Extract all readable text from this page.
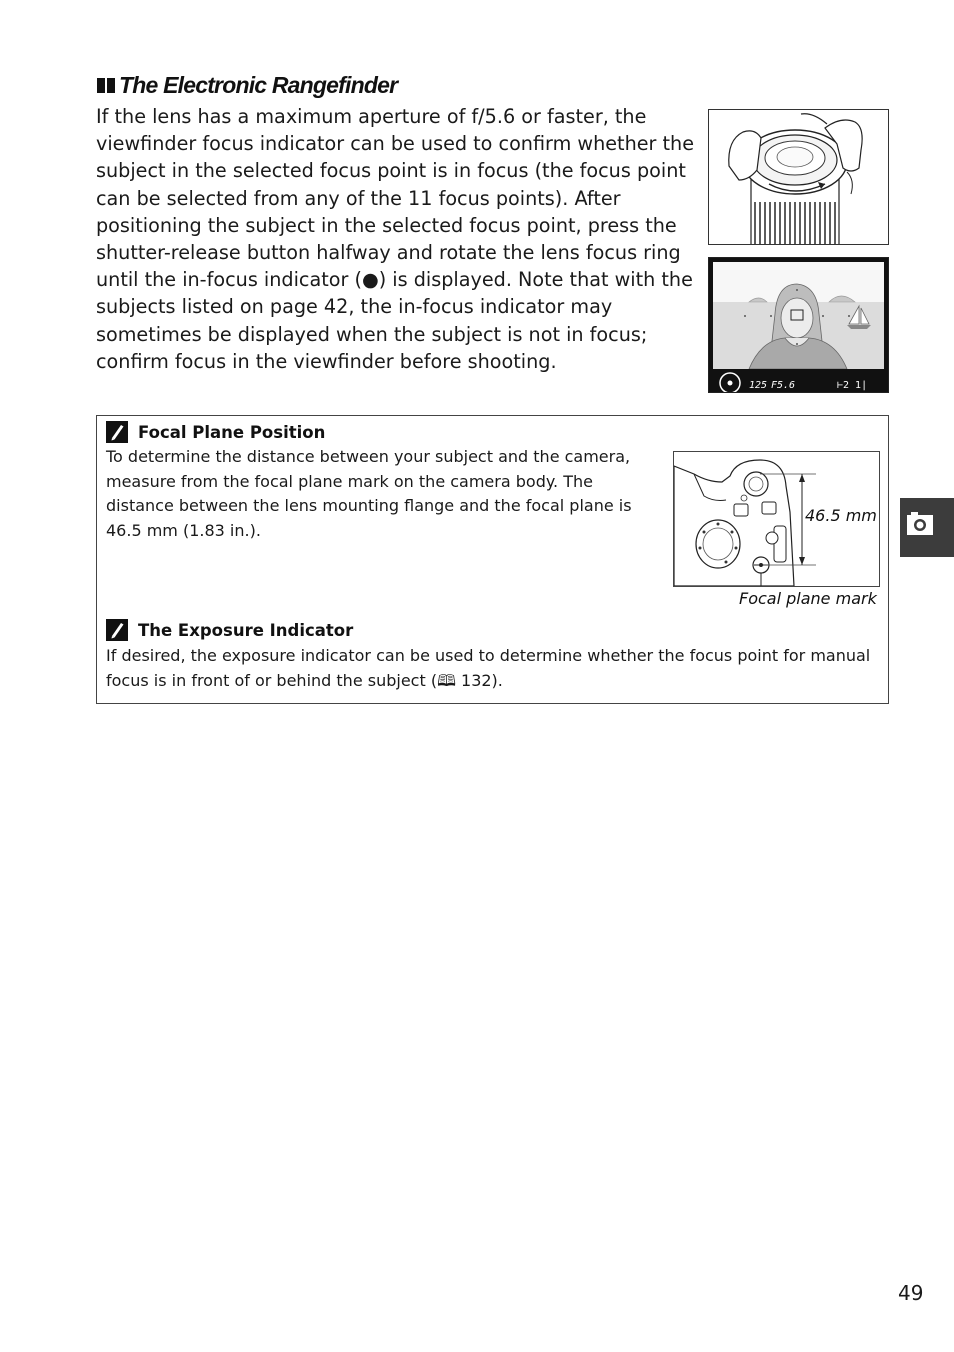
The Electronic Rangefinder
If the lens has a maximum aperture of f/5.6 or faster, the viewfinder focus indicator can be used to confirm whether the subject in the selected focus point is in focus (the focus point can be selected from any of the 11 focus points). After positioning the subject in the selected focus point, press the shutter-release button halfway and rotate the lens focus ring until the in-focus indicator (●) is displayed. Note that with the subjects listed on page 42, the in-focus indicator may sometimes be displayed when the subject is not in focus; confirm focus in the viewfinder before shooting.
125 F5.6	⊢2 1|
Focal Plane Position
To determine the distance between your subject and the camera, measure from the focal plane mark on the camera body. The distance between the lens mounting flange and the focal plane is 46.5 mm (1.83 in.).
The Exposure Indicator
If desired, the exposure indicator can be used to determine whether the focus point for manual focus is in front of or behind the subject (🕮 132).
46.5 mm
Focal plane mark
49
